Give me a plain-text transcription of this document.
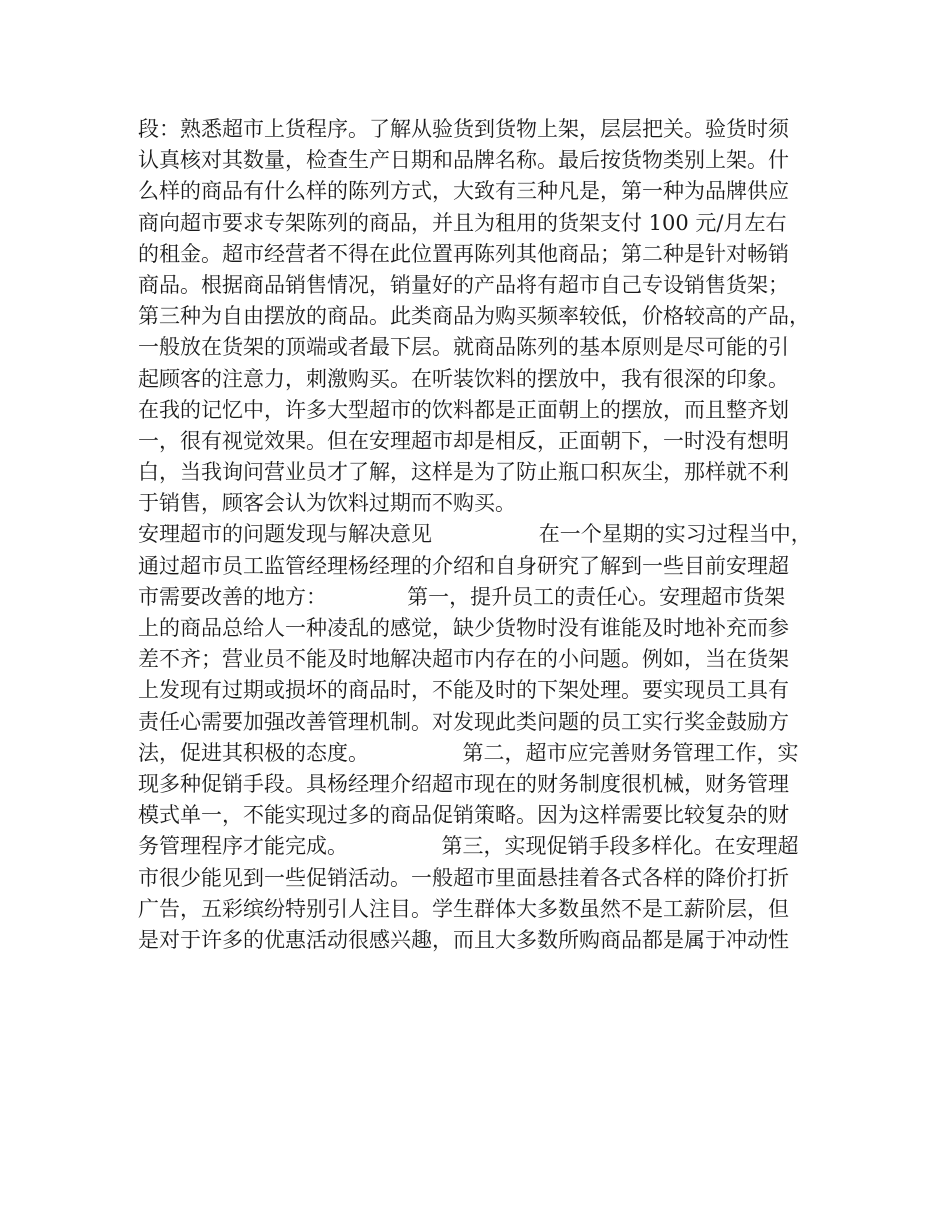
段：熟悉超市上货程序。了解从验货到货物上架，层层把关。验货时须
认真核对其数量，检查生产日期和品牌名称。最后按货物类别上架。什
么样的商品有什么样的陈列方式，大致有三种凡是，第一种为品牌供应
商向超市要求专架陈列的商品，并且为租用的货架支付 100 元/月左右
的租金。超市经营者不得在此位置再陈列其他商品；第二种是针对畅销
商品。根据商品销售情况，销量好的产品将有超市自己专设销售货架；
第三种为自由摆放的商品。此类商品为购买频率较低，价格较高的产品，
一般放在货架的顶端或者最下层。就商品陈列的基本原则是尽可能的引
起顾客的注意力，刺激购买。在听装饮料的摆放中，我有很深的印象。
在我的记忆中，许多大型超市的饮料都是正面朝上的摆放，而且整齐划
一，很有视觉效果。但在安理超市却是相反，正面朝下，一时没有想明
白，当我询问营业员才了解，这样是为了防止瓶口积灰尘，那样就不利
于销售，顾客会认为饮料过期而不购买。
安理超市的问题发现与解决意见                在一个星期的实习过程当中，
通过超市员工监管经理杨经理的介绍和自身研究了解到一些目前安理超
市需要改善的地方：            第一，提升员工的责任心。安理超市货架
上的商品总给人一种凌乱的感觉，缺少货物时没有谁能及时地补充而参
差不齐；营业员不能及时地解决超市内存在的小问题。例如，当在货架
上发现有过期或损坏的商品时，不能及时的下架处理。要实现员工具有
责任心需要加强改善管理机制。对发现此类问题的员工实行奖金鼓励方
法，促进其积极的态度。              第二，超市应完善财务管理工作，实
现多种促销手段。具杨经理介绍超市现在的财务制度很机械，财务管理
模式单一，不能实现过多的商品促销策略。因为这样需要比较复杂的财
务管理程序才能完成。              第三，实现促销手段多样化。在安理超
市很少能见到一些促销活动。一般超市里面悬挂着各式各样的降价打折
广告，五彩缤纷特别引人注目。学生群体大多数虽然不是工薪阶层，但
是对于许多的优惠活动很感兴趣，而且大多数所购商品都是属于冲动性
